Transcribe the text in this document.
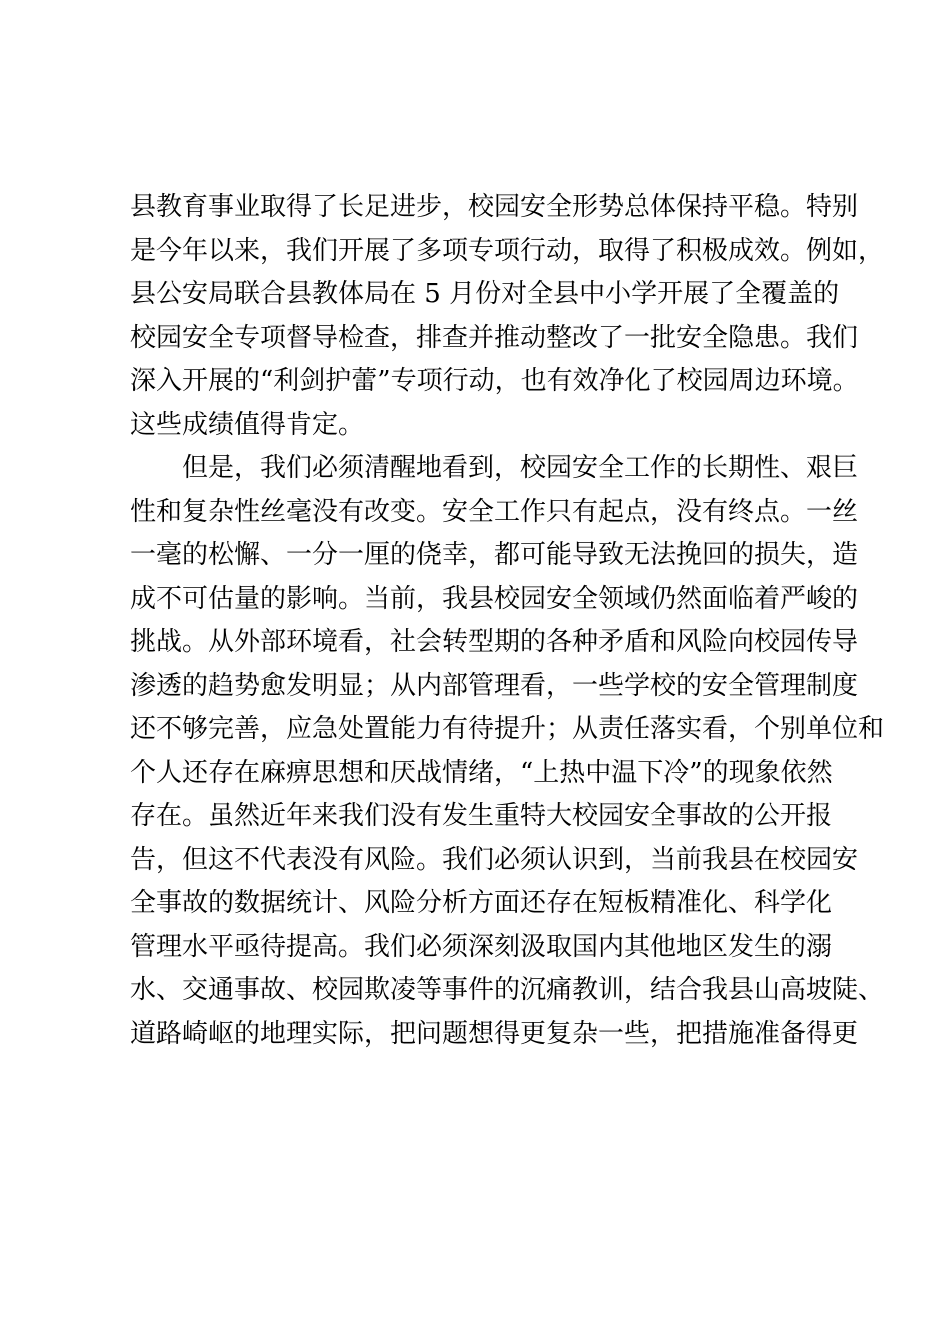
县教育事业取得了长足进步，校园安全形势总体保持平稳。特别
是今年以来，我们开展了多项专项行动，取得了积极成效。例如，
县公安局联合县教体局在 5 月份对全县中小学开展了全覆盖的
校园安全专项督导检查，排查并推动整改了一批安全隐患。我们
深入开展的“利剑护蕾”专项行动，也有效净化了校园周边环境。
这些成绩值得肯定。
但是，我们必须清醒地看到，校园安全工作的长期性、艰巨
性和复杂性丝毫没有改变。安全工作只有起点，没有终点。一丝
一毫的松懈、一分一厘的侥幸，都可能导致无法挽回的损失，造
成不可估量的影响。当前，我县校园安全领域仍然面临着严峻的
挑战。从外部环境看，社会转型期的各种矛盾和风险向校园传导
渗透的趋势愈发明显；从内部管理看，一些学校的安全管理制度
还不够完善，应急处置能力有待提升；从责任落实看，个别单位和
个人还存在麻痹思想和厌战情绪，“上热中温下冷”的现象依然
存在。虽然近年来我们没有发生重特大校园安全事故的公开报
告，但这不代表没有风险。我们必须认识到，当前我县在校园安
全事故的数据统计、风险分析方面还存在短板精准化、科学化
管理水平亟待提高。我们必须深刻汲取国内其他地区发生的溺
水、交通事故、校园欺凌等事件的沉痛教训，结合我县山高坡陡、
道路崎岖的地理实际，把问题想得更复杂一些，把措施准备得更
